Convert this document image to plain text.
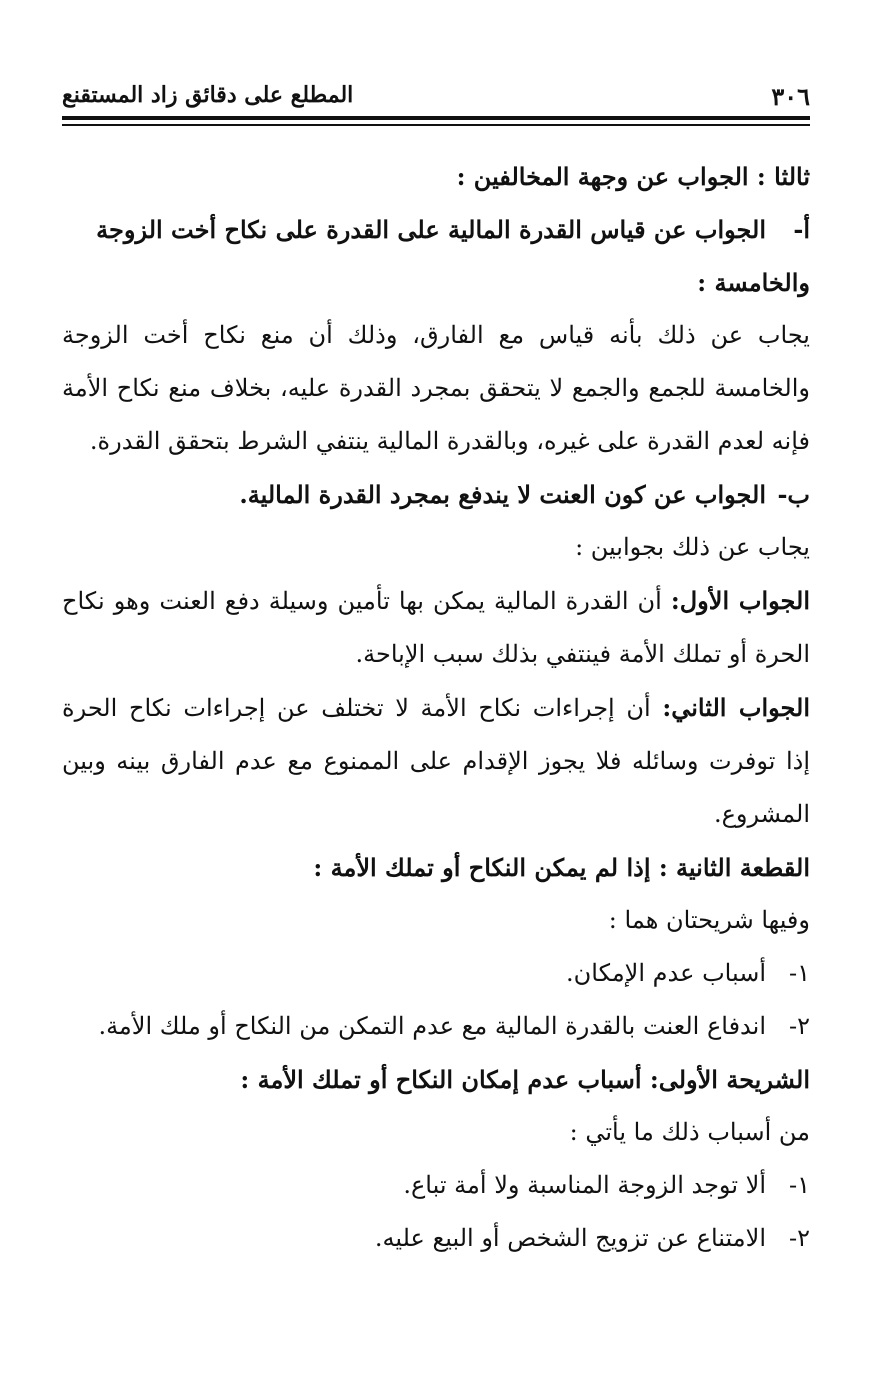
٣٠٦
المطلع على دقائق زاد المستقنع
ثالثا : الجواب عن وجهة المخالفين :
أ-الجواب عن قياس القدرة المالية على القدرة على نكاح أخت الزوجة
والخامسة :
يجاب عن ذلك بأنه قياس مع الفارق، وذلك أن منع نكاح أخت الزوجة
والخامسة للجمع والجمع لا يتحقق بمجرد القدرة عليه، بخلاف منع نكاح الأمة
فإنه لعدم القدرة على غيره، وبالقدرة المالية ينتفي الشرط بتحقق القدرة.
ب-الجواب عن كون العنت لا يندفع بمجرد القدرة المالية.
يجاب عن ذلك بجوابين :
الجواب الأول: أن القدرة المالية يمكن بها تأمين وسيلة دفع العنت وهو نكاح
الحرة أو تملك الأمة فينتفي بذلك سبب الإباحة.
الجواب الثاني: أن إجراءات نكاح الأمة لا تختلف عن إجراءات نكاح الحرة
إذا توفرت وسائله فلا يجوز الإقدام على الممنوع مع عدم الفارق بينه وبين
المشروع.
القطعة الثانية : إذا لم يمكن النكاح أو تملك الأمة :
وفيها شريحتان هما :
١-أسباب عدم الإمكان.
٢-اندفاع العنت بالقدرة المالية مع عدم التمكن من النكاح أو ملك الأمة.
الشريحة الأولى: أسباب عدم إمكان النكاح أو تملك الأمة :
من أسباب ذلك ما يأتي :
١-ألا توجد الزوجة المناسبة ولا أمة تباع.
٢-الامتناع عن تزويج الشخص أو البيع عليه.
